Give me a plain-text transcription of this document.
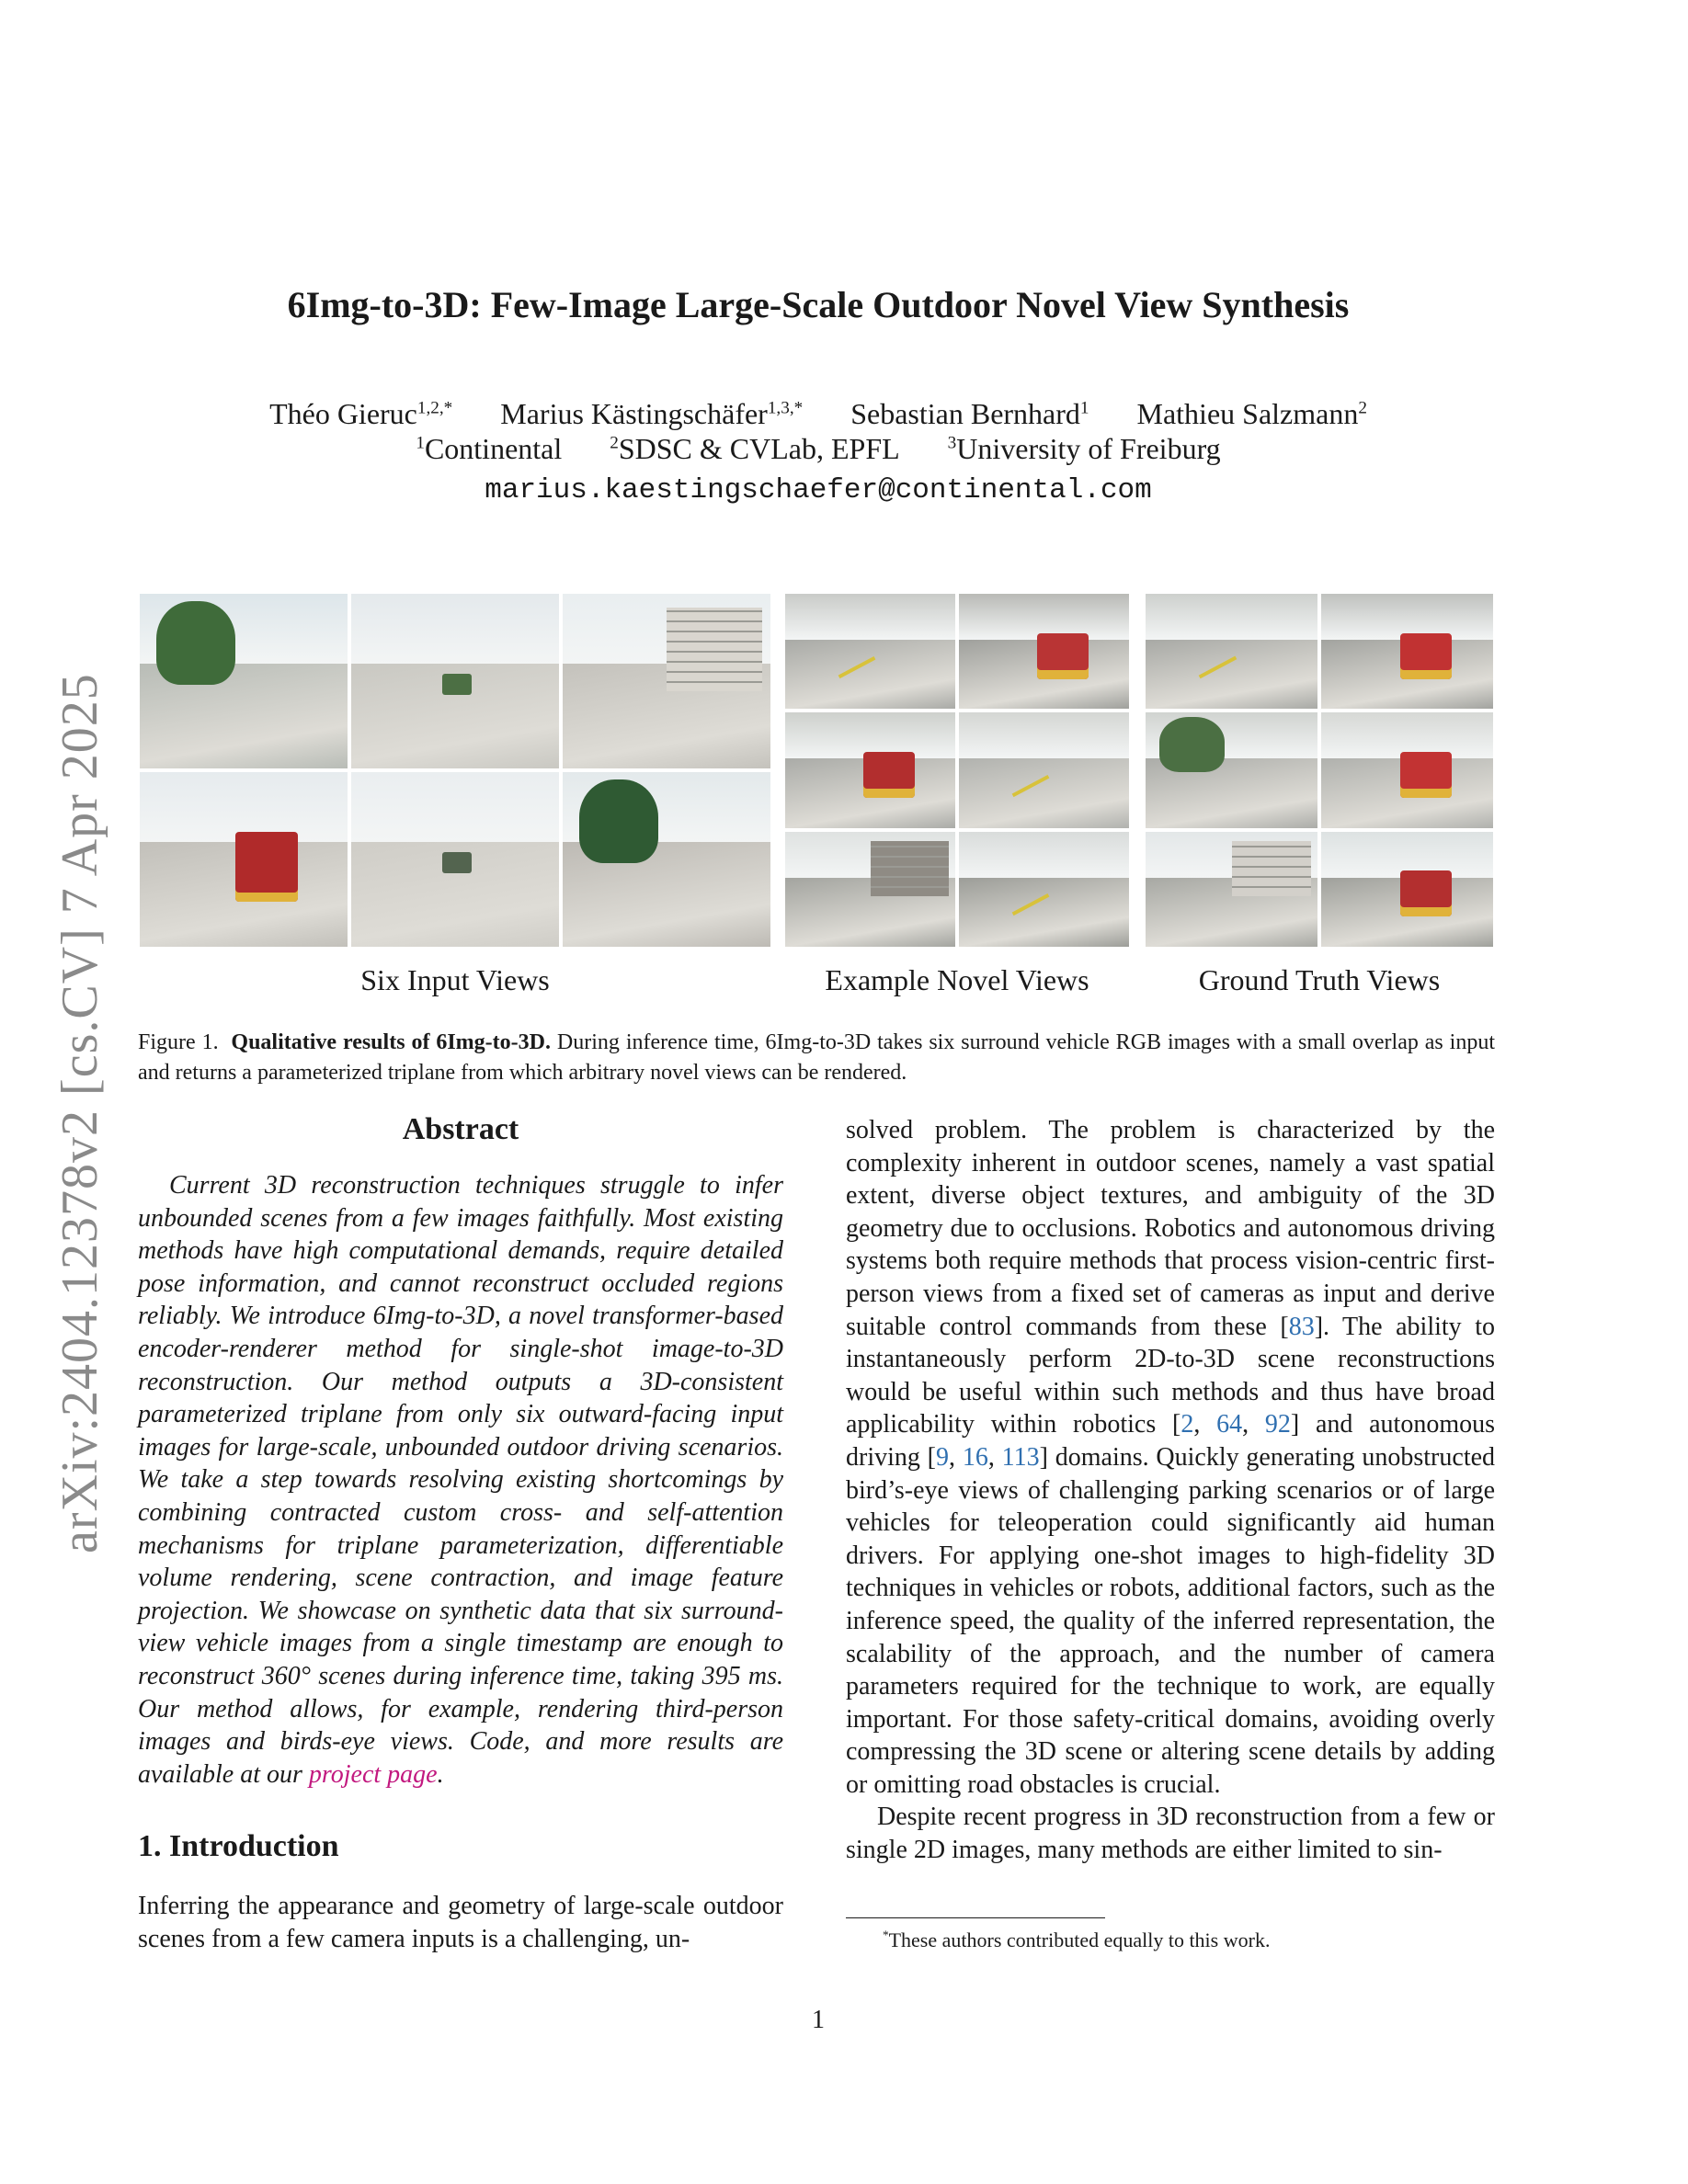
arXiv:2404.12378v2 [cs.CV] 7 Apr 2025
6Img-to-3D: Few-Image Large-Scale Outdoor Novel View Synthesis
Théo Gieruc$^{1,2,*}$ Marius Kästingschäfer$^{1,3,*}$ Sebastian Bernhard$^1$ Mathieu Salzmann$^2$
$^1$Continental	$^2$SDSC & CVLab, EPFL	$^3$University of Freiburg
marius.kaestingschaefer@continental.com
Six Input Views	Example Novel Views	Ground Truth Views
Figure 1. Qualitative results of 6Img-to-3D. During inference time, 6Img-to-3D takes six surround vehicle RGB images with a small overlap as input and returns a parameterized triplane from which arbitrary novel views can be rendered.
Abstract
Current 3D reconstruction techniques struggle to infer unbounded scenes from a few images faithfully. Most existing methods have high computational demands, require detailed pose information, and cannot reconstruct occluded regions reliably. We introduce 6Img-to-3D, a novel transformer-based encoder-renderer method for single-shot image-to-3D reconstruction. Our method outputs a 3D-consistent parameterized triplane from only six outward-facing input images for large-scale, unbounded outdoor driving scenarios. We take a step towards resolving existing shortcomings by combining contracted custom cross- and self-attention mechanisms for triplane parameterization, differentiable volume rendering, scene contraction, and image feature projection. We showcase on synthetic data that six surround-view vehicle images from a single timestamp are enough to reconstruct 360° scenes during inference time, taking 395 ms. Our method allows, for example, rendering third-person images and birds-eye views. Code, and more results are available at our project page.
1. Introduction
Inferring the appearance and geometry of large-scale outdoor scenes from a few camera inputs is a challenging, un-

solved problem. The problem is characterized by the complexity inherent in outdoor scenes, namely a vast spatial extent, diverse object textures, and ambiguity of the 3D geometry due to occlusions. Robotics and autonomous driving systems both require methods that process vision-centric first-person views from a fixed set of cameras as input and derive suitable control commands from these [83]. The ability to instantaneously perform 2D-to-3D scene reconstructions would be useful within such methods and thus have broad applicability within robotics [2, 64, 92] and autonomous driving [9, 16, 113] domains. Quickly generating unobstructed bird’s-eye views of challenging parking scenarios or of large vehicles for teleoperation could significantly aid human drivers. For applying one-shot images to high-fidelity 3D techniques in vehicles or robots, additional factors, such as the inference speed, the quality of the inferred representation, the scalability of the approach, and the number of camera parameters required for the technique to work, are equally important. For those safety-critical domains, avoiding overly compressing the 3D scene or altering scene details by adding or omitting road obstacles is crucial.

Despite recent progress in 3D reconstruction from a few or single 2D images, many methods are either limited to sin-

*These authors contributed equally to this work.
1
